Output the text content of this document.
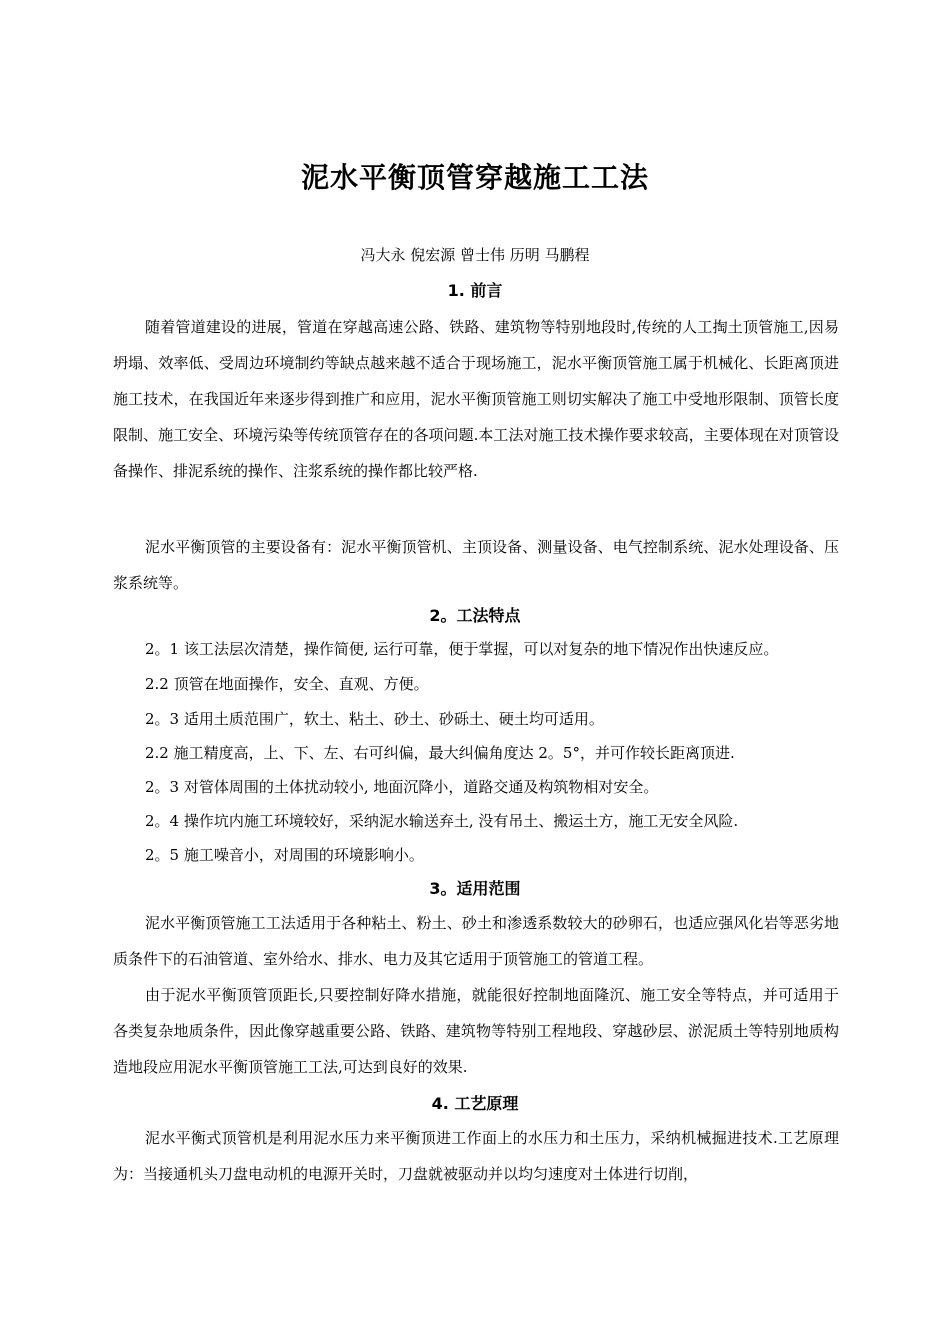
泥水平衡顶管穿越施工工法
冯大永 倪宏源 曾士伟 历明 马鹏程
1. 前言

随着管道建设的进展，管道在穿越高速公路、铁路、建筑物等特别地段时,传统的人工掏土顶管施工,因易坍塌、效率低、受周边环境制约等缺点越来越不适合于现场施工，泥水平衡顶管施工属于机械化、长距离顶进施工技术，在我国近年来逐步得到推广和应用，泥水平衡顶管施工则切实解决了施工中受地形限制、顶管长度限制、施工安全、环境污染等传统顶管存在的各项问题.本工法对施工技术操作要求较高，主要体现在对顶管设备操作、排泥系统的操作、注浆系统的操作都比较严格.

泥水平衡顶管的主要设备有：泥水平衡顶管机、主顶设备、测量设备、电气控制系统、泥水处理设备、压浆系统等。

2。工法特点

2。1 该工法层次清楚，操作简便, 运行可靠，便于掌握，可以对复杂的地下情况作出快速反应。

2.2 顶管在地面操作，安全、直观、方便。

2。3 适用土质范围广，软土、粘土、砂土、砂砾土、硬土均可适用。

2.2 施工精度高，上、下、左、右可纠偏，最大纠偏角度达 2。5°，并可作较长距离顶进.

2。3 对管体周围的土体扰动较小, 地面沉降小，道路交通及构筑物相对安全。

2。4 操作坑内施工环境较好，采纳泥水输送弃土, 没有吊土、搬运土方，施工无安全风险.

2。5 施工噪音小，对周围的环境影响小。

3。适用范围

泥水平衡顶管施工工法适用于各种粘土、粉土、砂土和渗透系数较大的砂卵石，也适应强风化岩等恶劣地质条件下的石油管道、室外给水、排水、电力及其它适用于顶管施工的管道工程。

由于泥水平衡顶管顶距长,只要控制好降水措施，就能很好控制地面隆沉、施工安全等特点，并可适用于各类复杂地质条件，因此像穿越重要公路、铁路、建筑物等特别工程地段、穿越砂层、淤泥质土等特别地质构造地段应用泥水平衡顶管施工工法,可达到良好的效果.

4. 工艺原理

泥水平衡式顶管机是利用泥水压力来平衡顶进工作面上的水压力和土压力，采纳机械掘进技术.工艺原理为：当接通机头刀盘电动机的电源开关时，刀盘就被驱动并以均匀速度对土体进行切削，
